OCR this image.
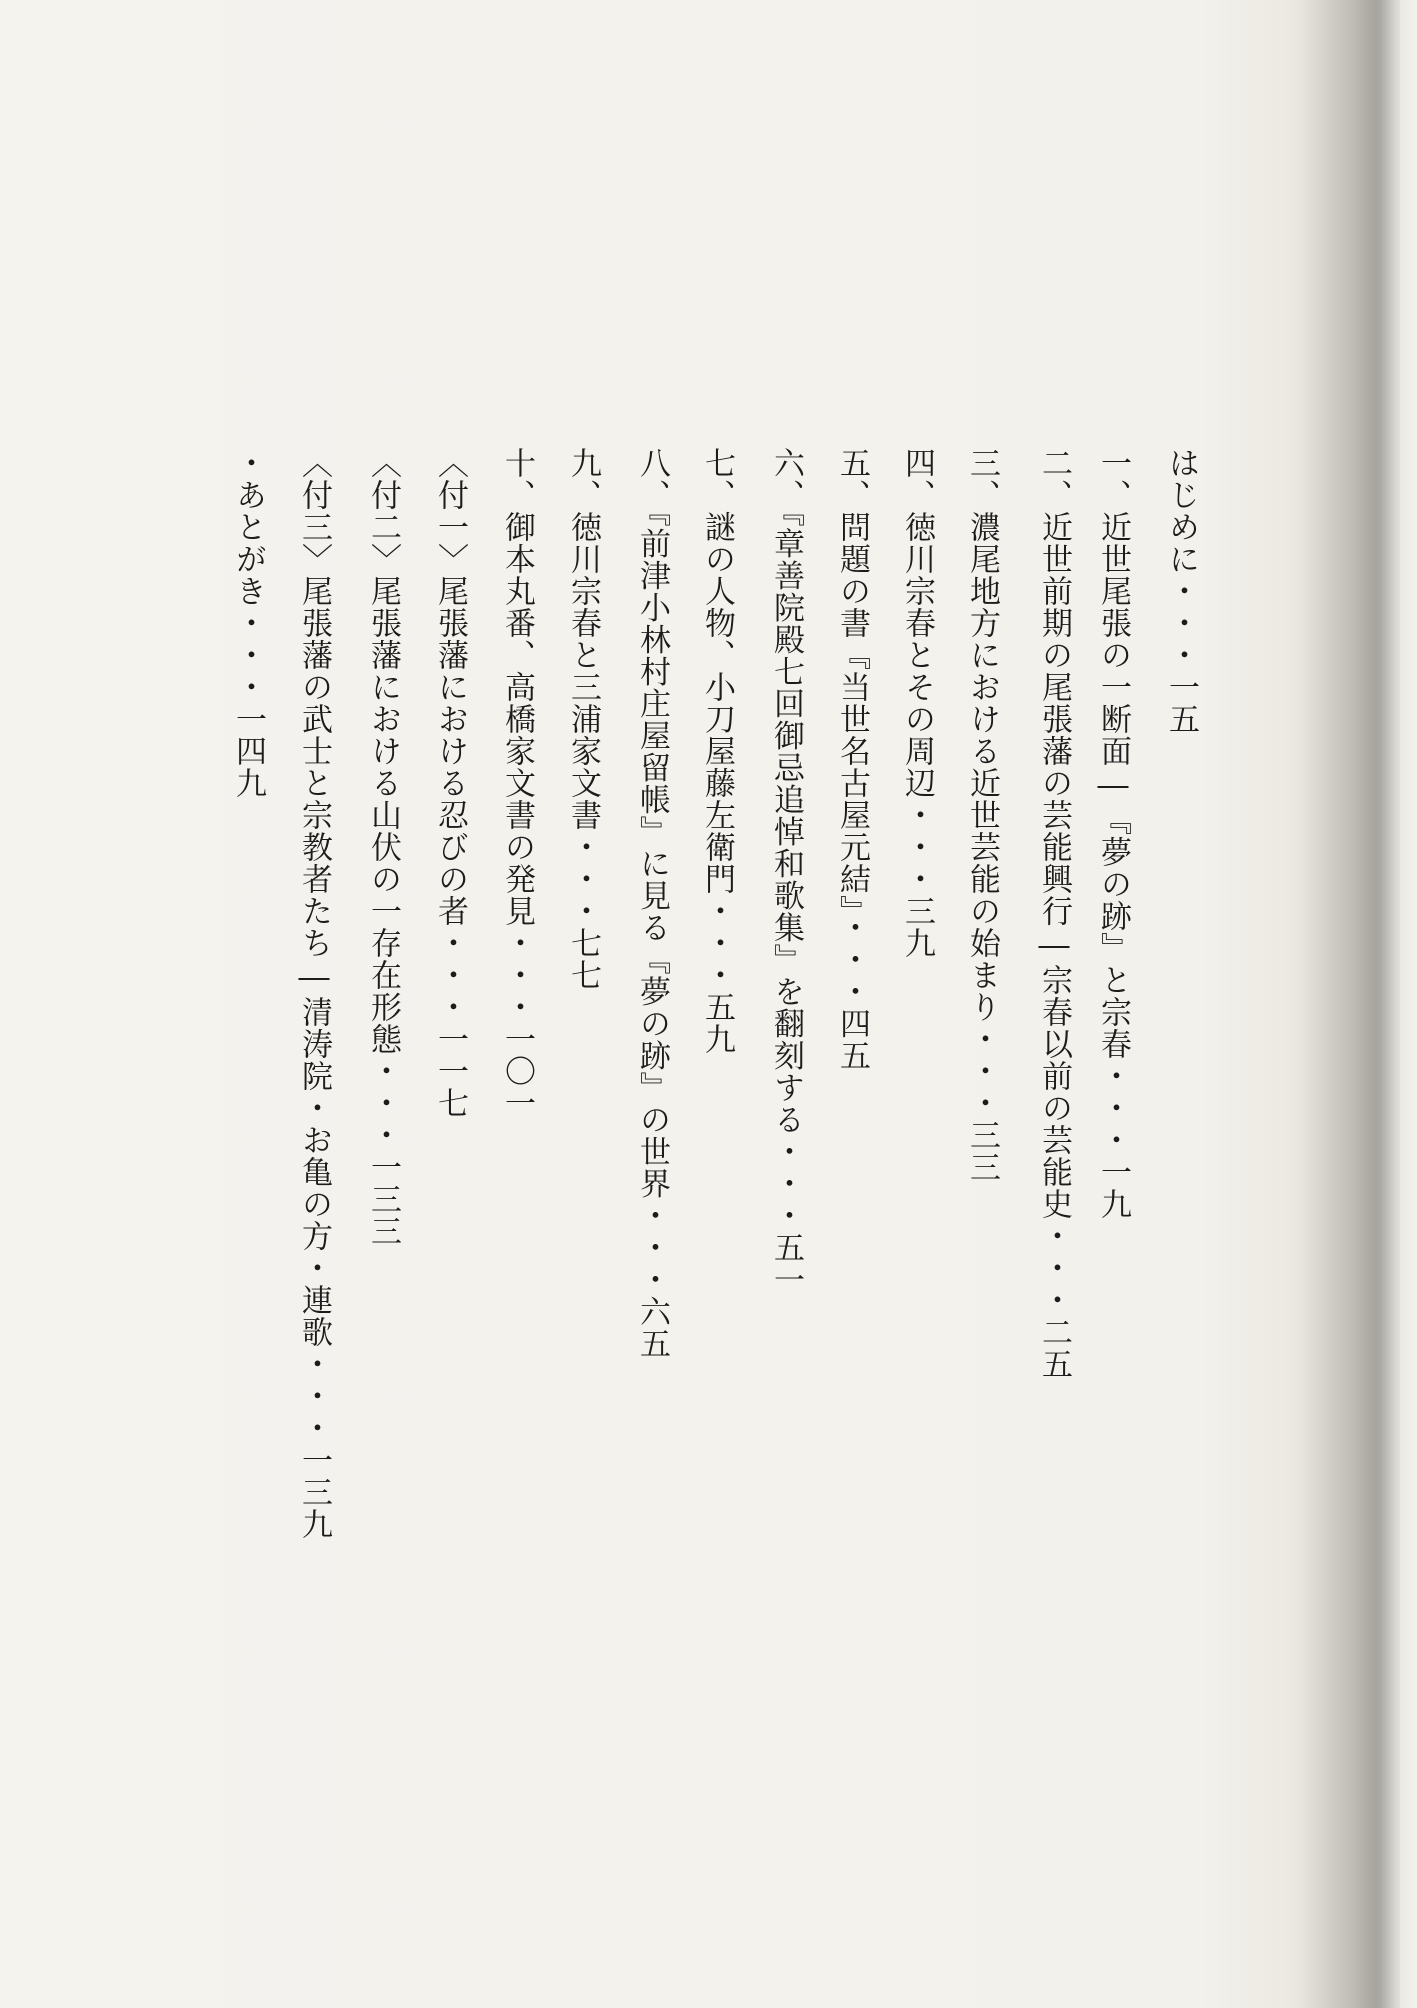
はじめに・・・一五
一、近世尾張の一断面―『夢の跡』と宗春・・・一九
二、近世前期の尾張藩の芸能興行―宗春以前の芸能史・・・二五
三、濃尾地方における近世芸能の始まり・・・三三
四、徳川宗春とその周辺・・・三九
五、問題の書『当世名古屋元結』・・・四五
六、『章善院殿七回御忌追悼和歌集』を翻刻する・・・五一
七、謎の人物、小刀屋藤左衛門・・・五九
八、『前津小林村庄屋留帳』に見る『夢の跡』の世界・・・六五
九、徳川宗春と三浦家文書・・・七七
十、御本丸番、高橋家文書の発見・・・一〇一
〈付一〉尾張藩における忍びの者・・・一一七
〈付二〉尾張藩における山伏の一存在形態・・・一三三
〈付三〉尾張藩の武士と宗教者たち―清涛院・お亀の方・連歌・・・一三九
・あとがき・・・一四九
